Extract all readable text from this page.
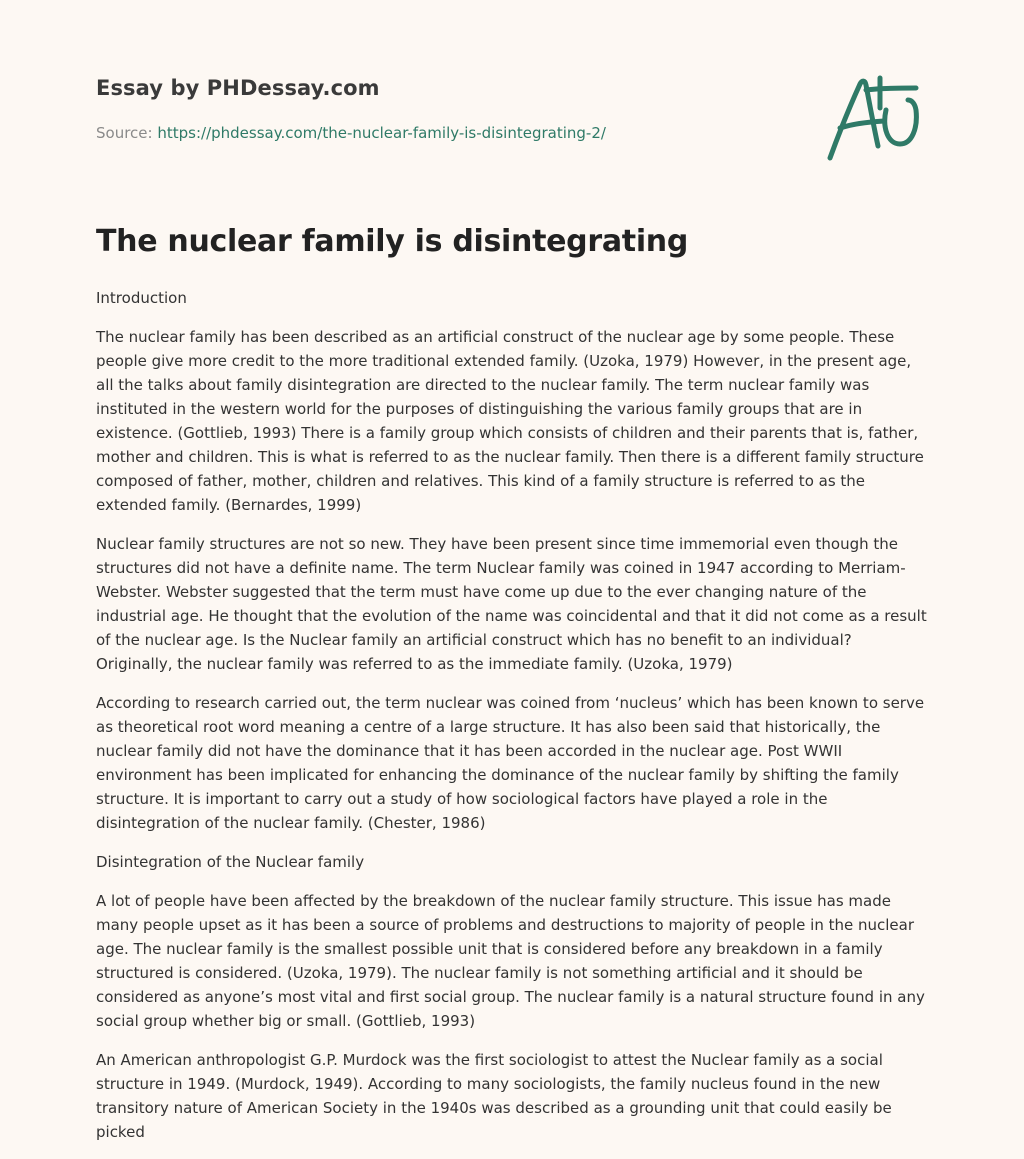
Essay by PHDessay.com

Source: https://phdessay.com/the-nuclear-family-is-disintegrating-2/

The nuclear family is disintegrating

Introduction

The nuclear family has been described as an artificial construct of the nuclear age by some people. These people give more credit to the more traditional extended family. (Uzoka, 1979) However, in the present age, all the talks about family disintegration are directed to the nuclear family. The term nuclear family was instituted in the western world for the purposes of distinguishing the various family groups that are in existence. (Gottlieb, 1993) There is a family group which consists of children and their parents that is, father, mother and children. This is what is referred to as the nuclear family. Then there is a different family structure composed of father, mother, children and relatives. This kind of a family structure is referred to as the extended family. (Bernardes, 1999)

Nuclear family structures are not so new. They have been present since time immemorial even though the structures did not have a definite name. The term Nuclear family was coined in 1947 according to Merriam-Webster. Webster suggested that the term must have come up due to the ever changing nature of the industrial age. He thought that the evolution of the name was coincidental and that it did not come as a result of the nuclear age. Is the Nuclear family an artificial construct which has no benefit to an individual? Originally, the nuclear family was referred to as the immediate family. (Uzoka, 1979)

According to research carried out, the term nuclear was coined from ‘nucleus’ which has been known to serve as theoretical root word meaning a centre of a large structure. It has also been said that historically, the nuclear family did not have the dominance that it has been accorded in the nuclear age. Post WWII environment has been implicated for enhancing the dominance of the nuclear family by shifting the family structure. It is important to carry out a study of how sociological factors have played a role in the disintegration of the nuclear family. (Chester, 1986)

Disintegration of the Nuclear family

A lot of people have been affected by the breakdown of the nuclear family structure. This issue has made many people upset as it has been a source of problems and destructions to majority of people in the nuclear age. The nuclear family is the smallest possible unit that is considered before any breakdown in a family structured is considered. (Uzoka, 1979). The nuclear family is not something artificial and it should be considered as anyone’s most vital and first social group. The nuclear family is a natural structure found in any social group whether big or small. (Gottlieb, 1993)

An American anthropologist G.P. Murdock was the first sociologist to attest the Nuclear family as a social structure in 1949. (Murdock, 1949). According to many sociologists, the family nucleus found in the new transitory nature of American Society in the 1940s was described as a grounding unit that could easily be picked
